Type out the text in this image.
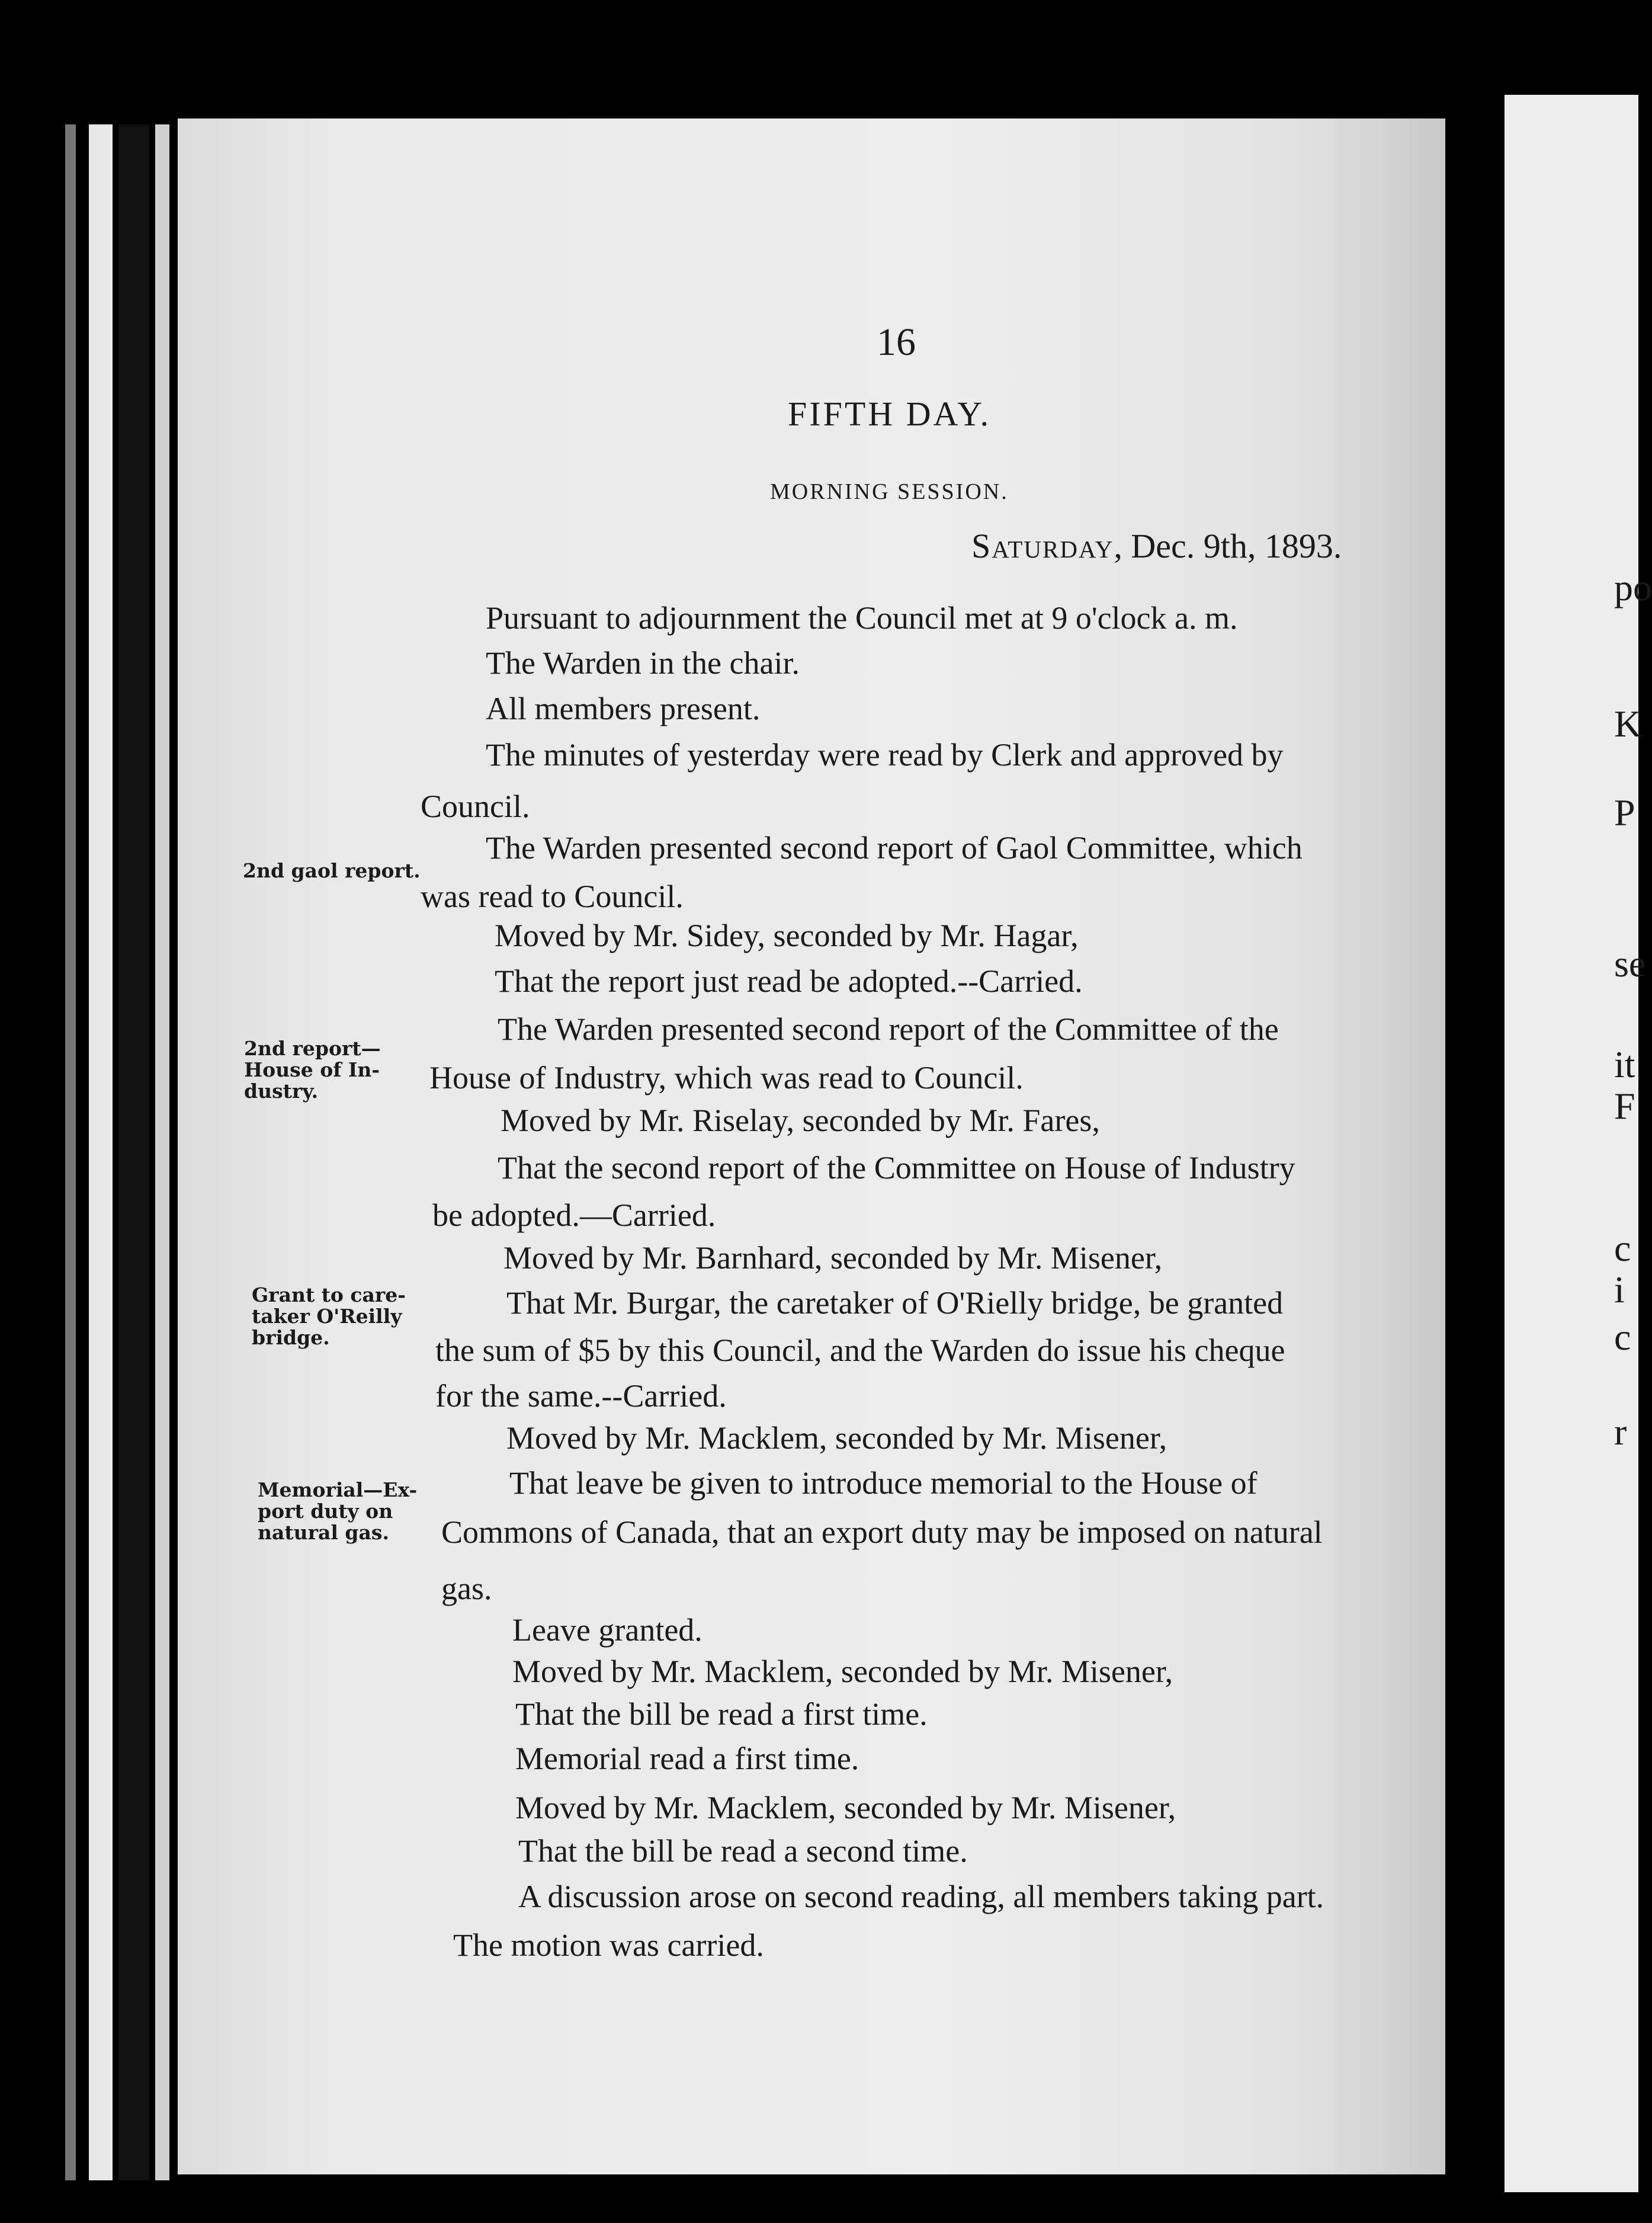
po
K
P
se
it
F
c
i
c
r
16
FIFTH DAY.
MORNING SESSION.
Saturday, Dec. 9th, 1893.
Pursuant to adjournment the Council met at 9 o'clock a. m.
The Warden in the chair.
All members present.
The minutes of yesterday were read by Clerk and approved by
Council.
The Warden presented second report of Gaol Committee, which
was read to Council.
Moved by Mr. Sidey, seconded by Mr. Hagar,
That the report just read be adopted.--Carried.
The Warden presented second report of the Committee of the
House of Industry, which was read to Council.
Moved by Mr. Riselay, seconded by Mr. Fares,
That the second report of the Committee on House of Industry
be adopted.—Carried.
Moved by Mr. Barnhard, seconded by Mr. Misener,
That Mr. Burgar, the caretaker of O'Rielly bridge, be granted
the sum of $5 by this Council, and the Warden do issue his cheque
for the same.--Carried.
Moved by Mr. Macklem, seconded by Mr. Misener,
That leave be given to introduce memorial to the House of
Commons of Canada, that an export duty may be imposed on natural
gas.
Leave granted.
Moved by Mr. Macklem, seconded by Mr. Misener,
That the bill be read a first time.
Memorial read a first time.
Moved by Mr. Macklem, seconded by Mr. Misener,
That the bill be read a second time.
A discussion arose on second reading, all members taking part.
The motion was carried.
2nd gaol report.
2nd report—
House of In-
dustry.
Grant to care-
taker O'Reilly
bridge.
Memorial—Ex-
port duty on
natural gas.
